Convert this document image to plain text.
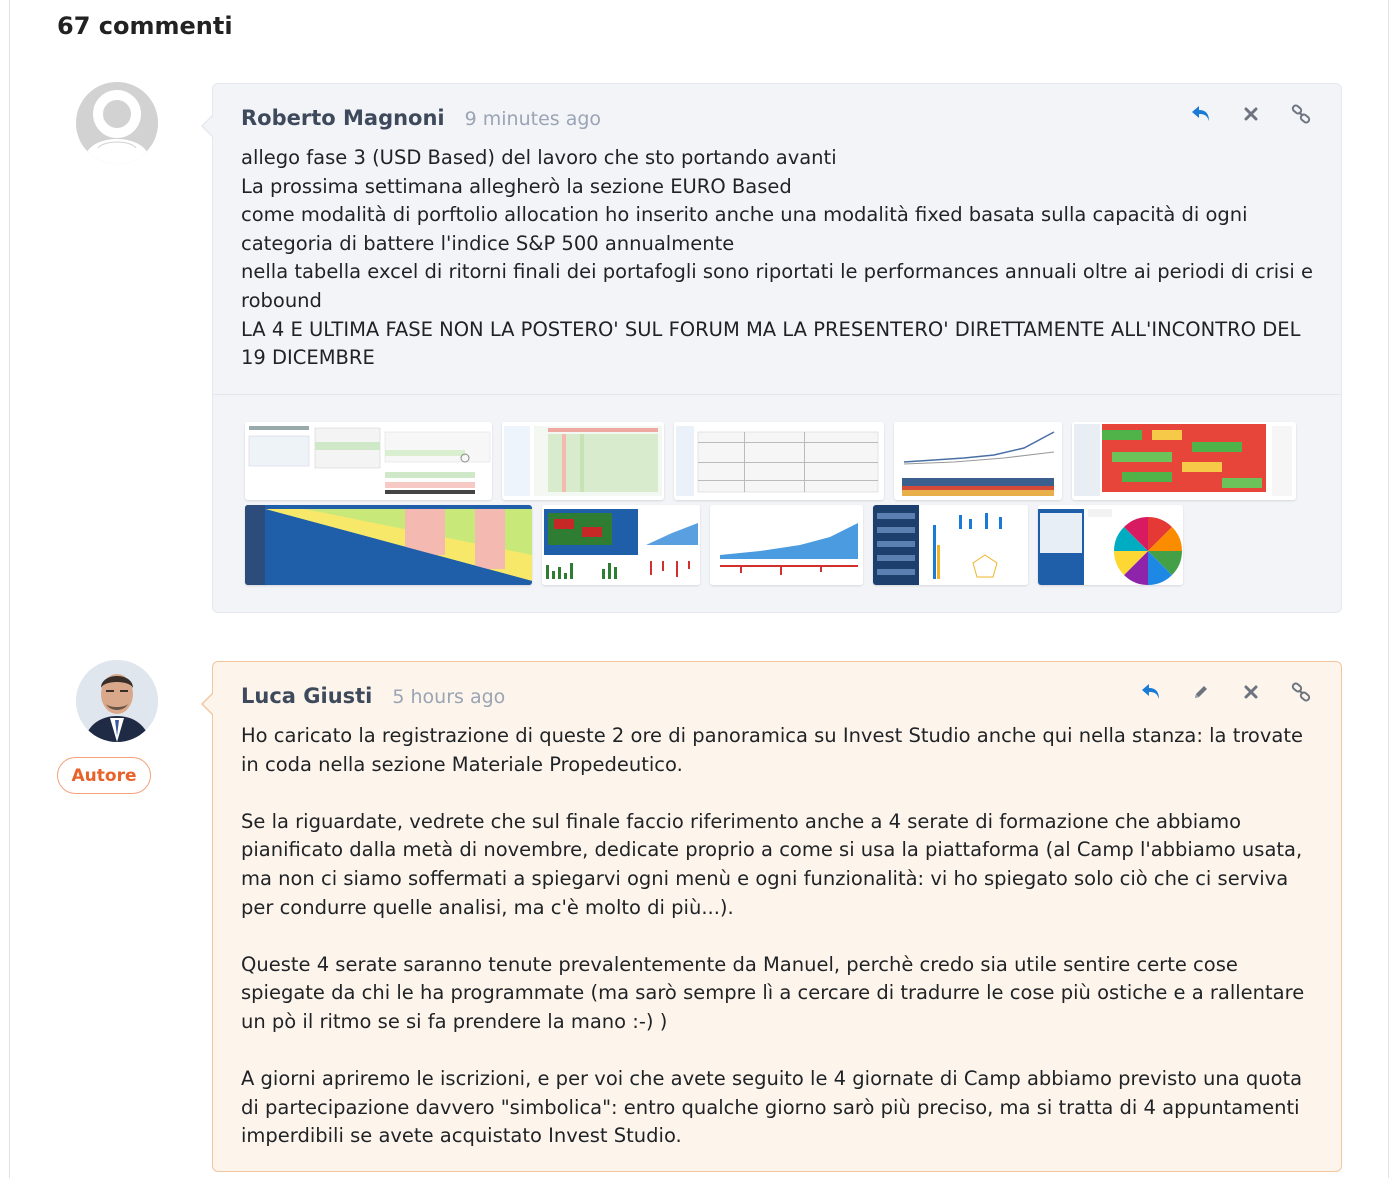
67 commenti
Roberto Magnoni 9 minutes ago

allego fase 3 (USD Based) del lavoro che sto portando avanti

La prossima settimana allegherò la sezione EURO Based

come modalità di porftolio allocation ho inserito anche una modalità fixed basata sulla capacità di ogni categoria di battere l'indice S&P 500 annualmente

nella tabella excel di ritorni finali dei portafogli sono riportati le performances annuali oltre ai periodi di crisi e robound

LA 4 E ULTIMA FASE NON LA POSTERO' SUL FORUM MA LA PRESENTERO' DIRETTAMENTE ALL'INCONTRO DEL 19 DICEMBRE

Autore
Luca Giusti 5 hours ago

Ho caricato la registrazione di queste 2 ore di panoramica su Invest Studio anche qui nella stanza: la trovate in coda nella sezione Materiale Propedeutico.

Se la riguardate, vedrete che sul finale faccio riferimento anche a 4 serate di formazione che abbiamo pianificato dalla metà di novembre, dedicate proprio a come si usa la piattaforma (al Camp l'abbiamo usata, ma non ci siamo soffermati a spiegarvi ogni menù e ogni funzionalità: vi ho spiegato solo ciò che ci serviva per condurre quelle analisi, ma c'è molto di più...).

Queste 4 serate saranno tenute prevalentemente da Manuel, perchè credo sia utile sentire certe cose spiegate da chi le ha programmate (ma sarò sempre lì a cercare di tradurre le cose più ostiche e a rallentare un pò il ritmo se si fa prendere la mano :-) )

A giorni apriremo le iscrizioni, e per voi che avete seguito le 4 giornate di Camp abbiamo previsto una quota di partecipazione davvero "simbolica": entro qualche giorno sarò più preciso, ma si tratta di 4 appuntamenti imperdibili se avete acquistato Invest Studio.
